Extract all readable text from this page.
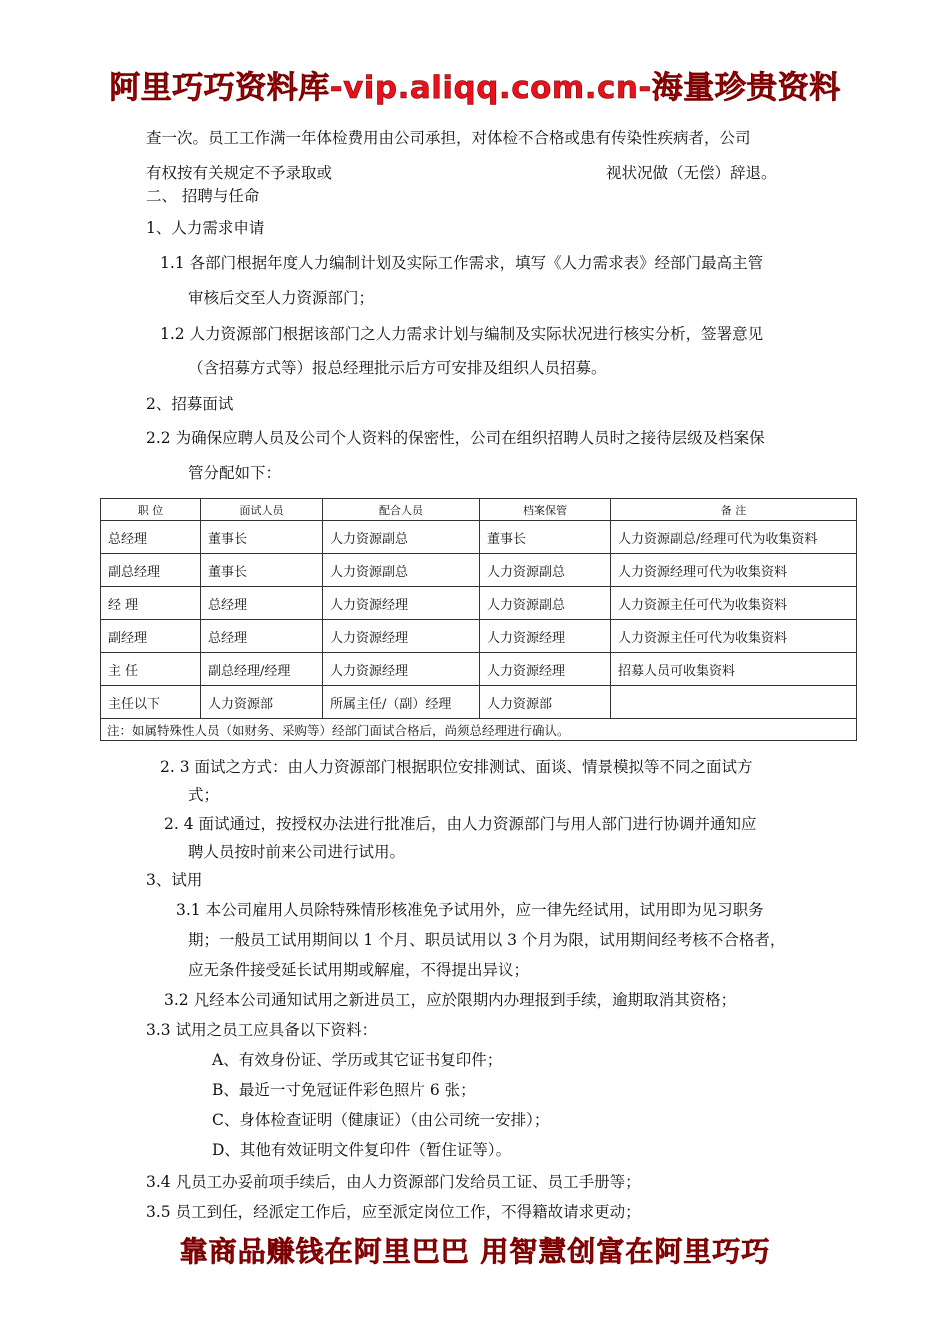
阿里巧巧资料库-vip.aliqq.com.cn-海量珍贵资料
查一次。员工工作满一年体检费用由公司承担，对体检不合格或患有传染性疾病者，公司
有权按有关规定不予录取或	视状况做（无偿）辞退。
二、 招聘与任命
1、人力需求申请
1.1 各部门根据年度人力编制计划及实际工作需求，填写《人力需求表》经部门最高主管
审核后交至人力资源部门；
1.2 人力资源部门根据该部门之人力需求计划与编制及实际状况进行核实分析，签署意见
（含招募方式等）报总经理批示后方可安排及组织人员招募。
2、招募面试
2.2 为确保应聘人员及公司个人资料的保密性，公司在组织招聘人员时之接待层级及档案保
管分配如下：
职 位	面试人员	配合人员	档案保管	备 注
总经理	董事长	人力资源副总	董事长	人力资源副总/经理可代为收集资料
副总经理	董事长	人力资源副总	人力资源副总	人力资源经理可代为收集资料
经 理	总经理	人力资源经理	人力资源副总	人力资源主任可代为收集资料
副经理	总经理	人力资源经理	人力资源经理	人力资源主任可代为收集资料
主 任	副总经理/经理	人力资源经理	人力资源经理	招募人员可收集资料
主任以下	人力资源部	所属主任/（副）经理	人力资源部	
注：如属特殊性人员（如财务、采购等）经部门面试合格后，尚须总经理进行确认。				
2. 3 面试之方式：由人力资源部门根据职位安排测试、面谈、情景模拟等不同之面试方
式；
2. 4 面试通过，按授权办法进行批准后，由人力资源部门与用人部门进行协调并通知应
聘人员按时前来公司进行试用。
3、试用
3.1 本公司雇用人员除特殊情形核准免予试用外，应一律先经试用，试用即为见习职务
期；一般员工试用期间以 1 个月、职员试用以 3 个月为限，试用期间经考核不合格者，
应无条件接受延长试用期或解雇，不得提出异议；
3.2 凡经本公司通知试用之新进员工，应於限期内办理报到手续，逾期取消其资格；
3.3 试用之员工应具备以下资料：
A、有效身份证、学历或其它证书复印件；
B、最近一寸免冠证件彩色照片 6 张；
C、身体检查证明（健康证）（由公司统一安排）；
D、其他有效证明文件复印件（暂住证等）。
3.4 凡员工办妥前项手续后，由人力资源部门发给员工证、员工手册等；
3.5 员工到任，经派定工作后，应至派定岗位工作，不得籍故请求更动；
靠商品赚钱在阿里巴巴 用智慧创富在阿里巧巧
